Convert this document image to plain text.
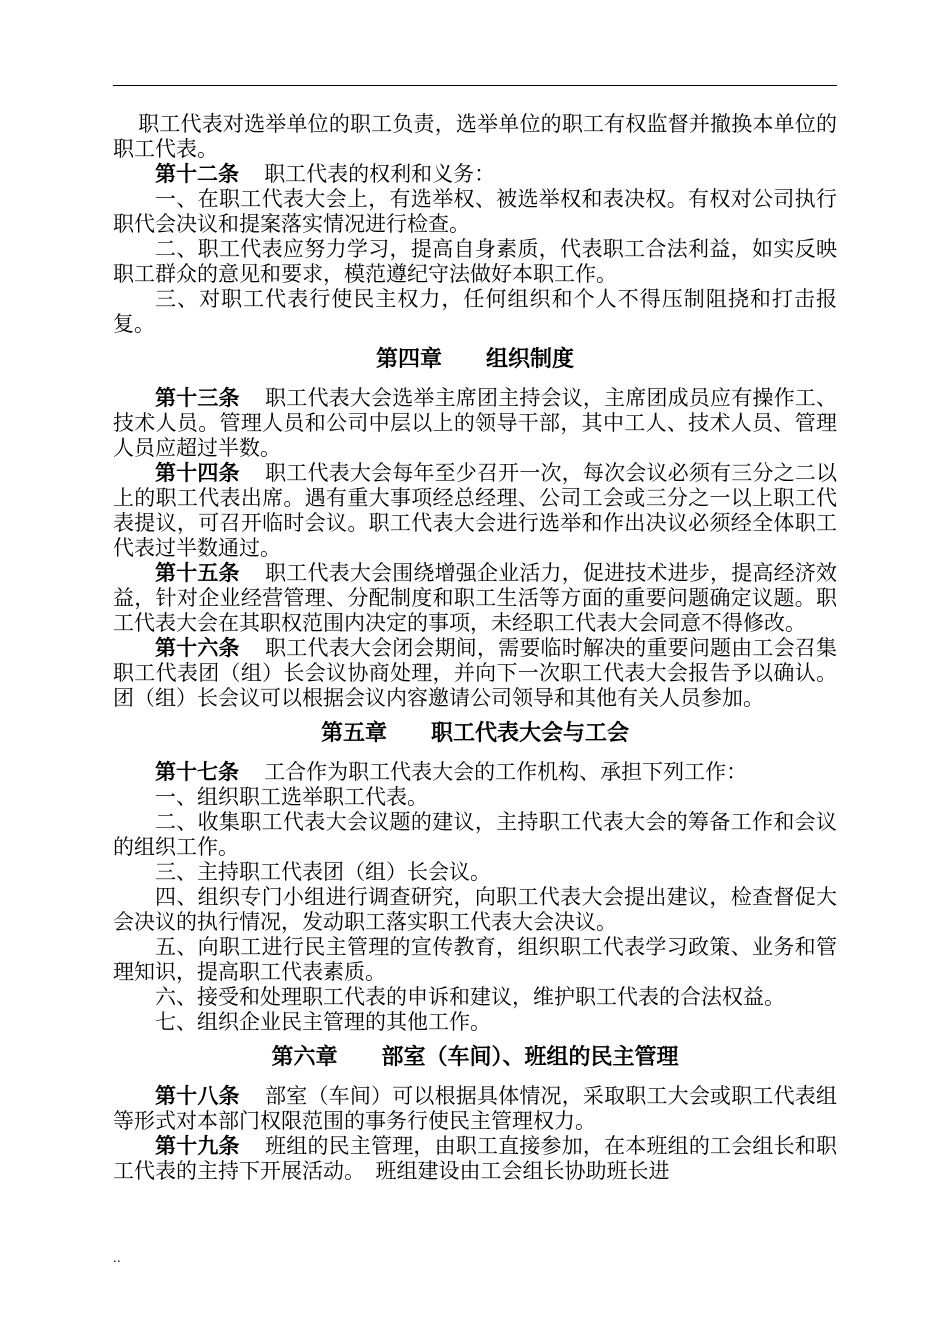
职工代表对选举单位的职工负责，选举单位的职工有权监督并撤换本单位的职工代表。

第十二条 职工代表的权利和义务：

一、在职工代表大会上，有选举权、被选举权和表决权。有权对公司执行职代会决议和提案落实情况进行检查。

二、职工代表应努力学习，提高自身素质，代表职工合法利益，如实反映职工群众的意见和要求，模范遵纪守法做好本职工作。

三、对职工代表行使民主权力，任何组织和个人不得压制阻挠和打击报复。

第四章 组织制度

第十三条 职工代表大会选举主席团主持会议，主席团成员应有操作工、技术人员。管理人员和公司中层以上的领导干部，其中工人、技术人员、管理人员应超过半数。

第十四条 职工代表大会每年至少召开一次，每次会议必须有三分之二以上的职工代表出席。遇有重大事项经总经理、公司工会或三分之一以上职工代表提议，可召开临时会议。职工代表大会进行选举和作出决议必须经全体职工代表过半数通过。

第十五条 职工代表大会围绕增强企业活力，促进技术进步，提高经济效益，针对企业经营管理、分配制度和职工生活等方面的重要问题确定议题。职工代表大会在其职权范围内决定的事项，未经职工代表大会同意不得修改。

第十六条 职工代表大会闭会期间，需要临时解决的重要问题由工会召集职工代表团（组）长会议协商处理，并向下一次职工代表大会报告予以确认。团（组）长会议可以根据会议内容邀请公司领导和其他有关人员参加。

第五章 职工代表大会与工会

第十七条 工合作为职工代表大会的工作机构、承担下列工作：

一、组织职工选举职工代表。

二、收集职工代表大会议题的建议，主持职工代表大会的筹备工作和会议的组织工作。

三、主持职工代表团（组）长会议。

四、组织专门小组进行调查研究，向职工代表大会提出建议，检查督促大会决议的执行情况，发动职工落实职工代表大会决议。

五、向职工进行民主管理的宣传教育，组织职工代表学习政策、业务和管理知识，提高职工代表素质。

六、接受和处理职工代表的申诉和建议，维护职工代表的合法权益。

七、组织企业民主管理的其他工作。

第六章 部室（车间）、班组的民主管理

第十八条 部室（车间）可以根据具体情况，采取职工大会或职工代表组等形式对本部门权限范围的事务行使民主管理权力。

第十九条 班组的民主管理，由职工直接参加，在本班组的工会组长和职工代表的主持下开展活动。　班组建设由工会组长协助班长进

..
